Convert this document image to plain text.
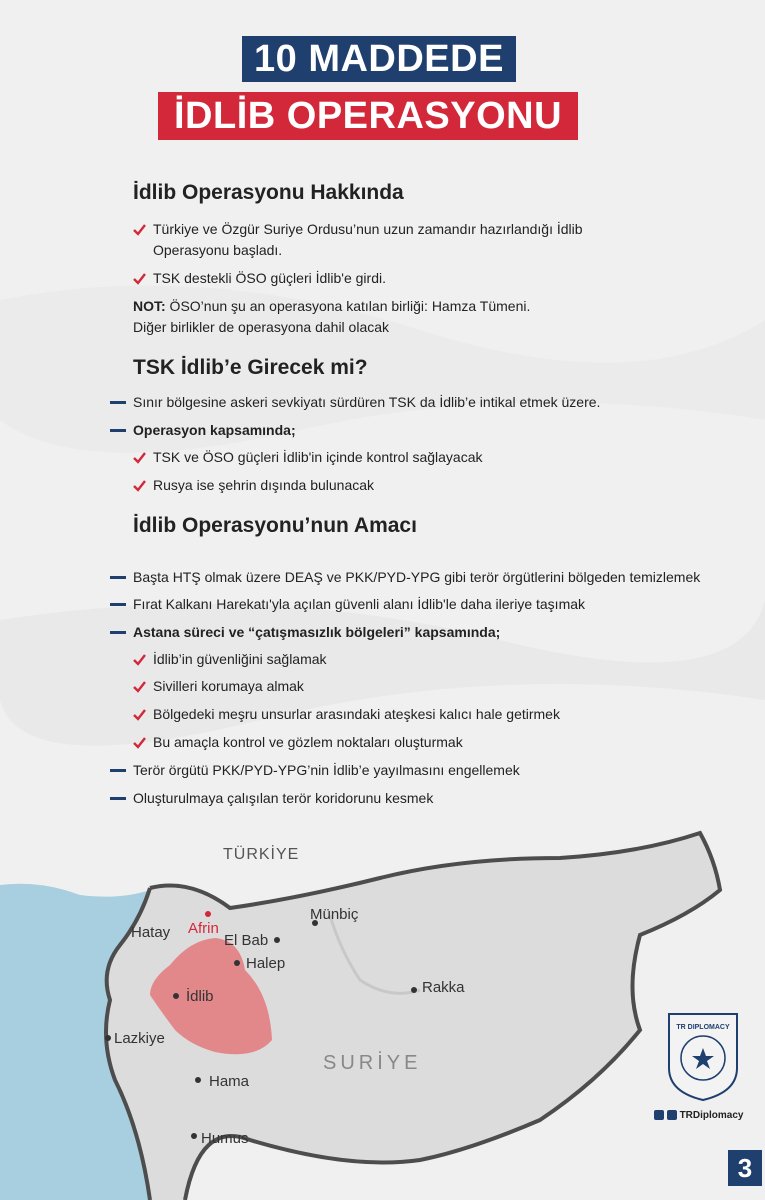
10 MADDEDE
İDLİB OPERASYONU
İdlib Operasyonu Hakkında
Türkiye ve Özgür Suriye Ordusu’nun uzun zamandır hazırlandığı İdlib
Operasyonu başladı.
TSK destekli ÖSO güçleri İdlib'e girdi.
NOT: ÖSO’nun şu an operasyona katılan birliği: Hamza Tümeni.
Diğer birlikler de operasyona dahil olacak
TSK İdlib’e Girecek mi?
Sınır bölgesine askeri sevkiyatı sürdüren TSK da İdlib’e intikal etmek üzere.
Operasyon kapsamında;
TSK ve ÖSO güçleri İdlib'in içinde kontrol sağlayacak
Rusya ise şehrin dışında bulunacak
İdlib Operasyonu’nun Amacı
Başta HTŞ olmak üzere DEAŞ ve PKK/PYD-YPG gibi terör örgütlerini bölgeden temizlemek
Fırat Kalkanı Harekatı'yla açılan güvenli alanı İdlib'le daha ileriye taşımak
Astana süreci ve “çatışmasızlık bölgeleri” kapsamında;
İdlib’in güvenliğini sağlamak
Sivilleri korumaya almak
Bölgedeki meşru unsurlar arasındaki ateşkesi kalıcı hale getirmek
Bu amaçla kontrol ve gözlem noktaları oluşturmak
Terör örgütü PKK/PYD-YPG’nin İdlib’e yayılmasını engellemek
Oluşturulmaya çalışılan terör koridorunu kesmek
TÜRKİYE
SURİYE
Afrin
Hatay	El Bab
Halep
Münbiç
İdlib
Rakka
Lazkiye
Hama
Humus
TR DIPLOMACY
TRDiplomacy
3
